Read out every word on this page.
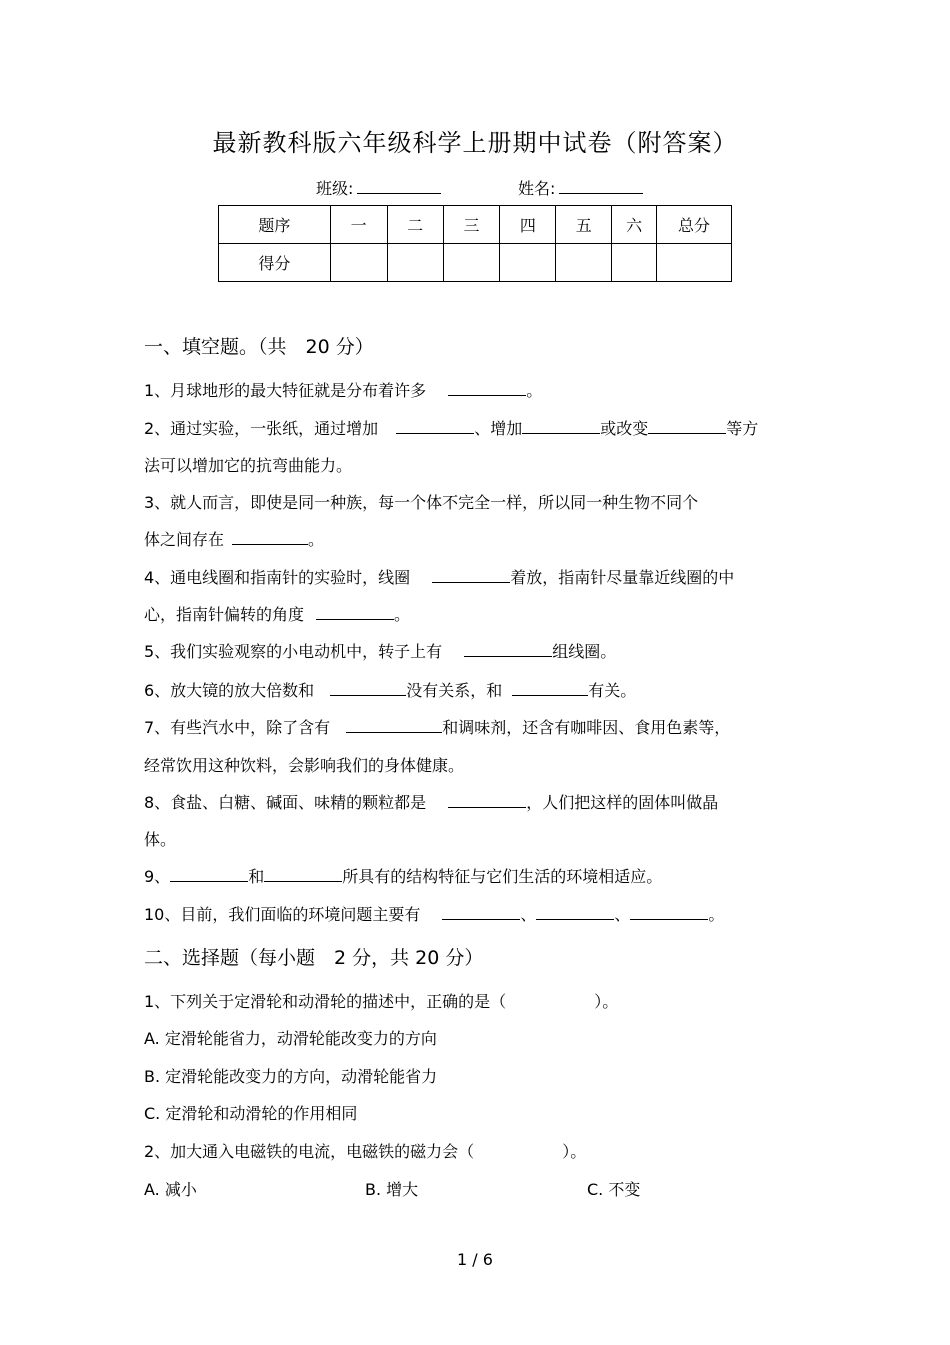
最新教科版六年级科学上册期中试卷（附答案）
班级:	姓名:
题序	一	二	三	四	五	六	总分
得分							
一、填空题。（共　20 分）
1、月球地形的最大特征就是分布着许多	。
2、通过实验，一张纸，通过增加	、增加	或改变	等方
法可以增加它的抗弯曲能力。
3、就人而言，即使是同一种族，每一个体不完全一样，所以同一种生物不同个
体之间存在	。
4、通电线圈和指南针的实验时，线圈	着放，指南针尽量靠近线圈的中
心，指南针偏转的角度	。
5、我们实验观察的小电动机中，转子上有	组线圈。
6、放大镜的放大倍数和	没有关系，和	有关。
7、有些汽水中，除了含有	和调味剂，还含有咖啡因、食用色素等，
经常饮用这种饮料，会影响我们的身体健康。
8、食盐、白糖、碱面、味精的颗粒都是	，人们把这样的固体叫做晶
体。
9、	和	所具有的结构特征与它们生活的环境相适应。
10、目前，我们面临的环境问题主要有	、	、	。
二、选择题（每小题　2 分，共 20 分）
1、下列关于定滑轮和动滑轮的描述中，正确的是（	）。
A. 定滑轮能省力，动滑轮能改变力的方向
B. 定滑轮能改变力的方向，动滑轮能省力
C. 定滑轮和动滑轮的作用相同
2、加大通入电磁铁的电流，电磁铁的磁力会（	）。
A. 减小	B. 增大	C. 不变
1 / 6
